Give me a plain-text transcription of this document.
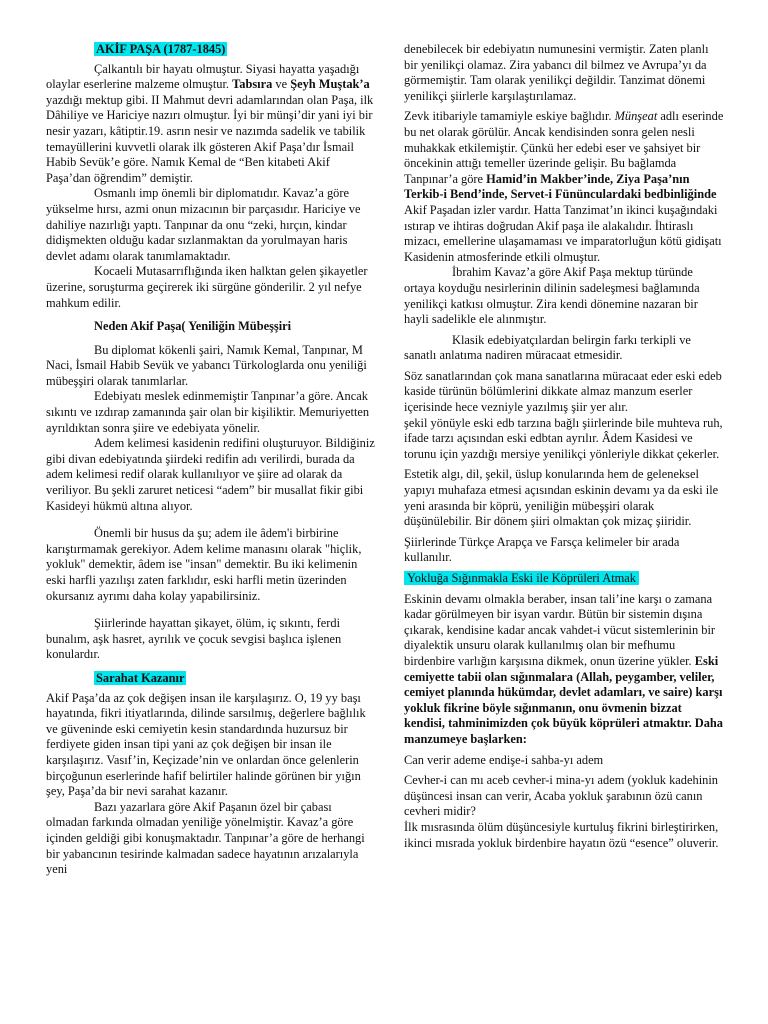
AKİF PAŞA (1787-1845)

Çalkantılı bir hayatı olmuştur. Siyasi hayatta yaşadığı olaylar eserlerine malzeme olmuştur. Tabsıra ve Şeyh Muştak’a yazdığı mektup gibi. II Mahmut devri adamlarından olan Paşa, ilk Dâhiliye ve Hariciye nazırı olmuştur. İyi bir münşi’dir yani iyi bir nesir yazarı, kâtiptir.19. asrın nesir ve nazımda sadelik ve tabilik temayüllerini kuvvetli olarak ilk gösteren Akif Paşa’dır İsmail Habib Sevük’e göre. Namık Kemal de “Ben kitabeti Akif Paşa’dan öğrendim” demiştir.

Osmanlı imp önemli bir diplomatıdır. Kavaz’a göre yükselme hırsı, azmi onun mizacının bir parçasıdır. Hariciye ve dahiliye nazırlığı yaptı. Tanpınar da onu “zeki, hırçın, kindar didişmekten olduğu kadar sızlanmaktan da yorulmayan haris devlet adamı olarak tanımlamaktadır.

Kocaeli Mutasarrıflığında iken halktan gelen şikayetler üzerine, soruşturma geçirerek iki sürgüne gönderilir. 2 yıl nefye mahkum edilir.

Neden Akif Paşa( Yeniliğin Mübeşşiri

Bu diplomat kökenli şairi, Namık Kemal, Tanpınar, M Naci, İsmail Habib Sevük ve yabancı Türkologlarda onu yeniliği mübeşşiri olarak tanımlarlar.

Edebiyatı meslek edinmemiştir Tanpınar’a göre. Ancak sıkıntı ve ızdırap zamanında şair olan bir kişiliktir. Memuriyetten ayrıldıktan sonra şiire ve edebiyata yönelir.

Adem kelimesi kasidenin redifini oluşturuyor. Bildiğiniz gibi divan edebiyatında şiirdeki redifin adı verilirdi, burada da adem kelimesi redif olarak kullanılıyor ve şiire ad olarak da veriliyor. Bu şekli zaruret neticesi “adem” bir musallat fikir gibi Kasideyi hükmü altına alıyor.

Önemli bir husus da şu; adem ile âdem'i birbirine karıştırmamak gerekiyor. Adem kelime manasını olarak "hiçlik, yokluk" demektir, âdem ise "insan" demektir. Bu iki kelimenin eski harfli yazılışı zaten farklıdır, eski harfli metin üzerinden okursanız ayrımı daha kolay yapabilirsiniz.

Şiirlerinde hayattan şikayet, ölüm, iç sıkıntı, ferdi bunalım, aşk hasret, ayrılık ve çocuk sevgisi başlıca işlenen konulardır.

Sarahat Kazanır

Akif Paşa’da az çok değişen insan ile karşılaşırız. O, 19 yy başı hayatında, fikri itiyatlarında, dilinde sarsılmış, değerlere bağlılık ve güveninde eski cemiyetin kesin standardında huzursuz bir ferdiyete giden insan tipi yani az çok değişen bir insan ile karşılaşırız. Vasıf’in, Keçizade’nin ve onlardan önce gelenlerin birçoğunun eserlerinde hafif belirtiler halinde görünen bir yığın şey, Paşa’da bir nevi sarahat kazanır.

Bazı yazarlara göre Akif Paşanın özel bir çabası olmadan farkında olmadan yeniliğe yönelmiştir. Kavaz’a göre içinden geldiği gibi konuşmaktadır. Tanpınar’a göre de herhangi bir yabancının tesirinde kalmadan sadece hayatının arızalarıyla yeni

denebilecek bir edebiyatın numunesini vermiştir. Zaten planlı bir yenilikçi olamaz. Zira yabancı dil bilmez ve Avrupa’yı da görmemiştir. Tam olarak yenilikçi değildir. Tanzimat dönemi yenilikçi şiirlerle karşılaştırılamaz.

Zevk itibariyle tamamiyle eskiye bağlıdır. Münşeat adlı eserinde bu net olarak görülür. Ancak kendisinden sonra gelen nesli muhakkak etkilemiştir. Çünkü her edebi eser ve şahsiyet bir öncekinin attığı temeller üzerinde gelişir. Bu bağlamda Tanpınar’a göre Hamid’in Makber’inde, Ziya Paşa’nın Terkib-i Bend’inde, Servet-i Fününculardaki bedbinliğinde Akif Paşadan izler vardır. Hatta Tanzimat’ın ikinci kuşağındaki ıstırap ve ihtiras doğrudan Akif paşa ile alakalıdır. İhtiraslı mizacı, emellerine ulaşamaması ve imparatorluğun kötü gidişatı Kasidenin atmosferinde etkili olmuştur.

İbrahim Kavaz’a göre Akif Paşa mektup türünde ortaya koyduğu nesirlerinin dilinin sadeleşmesi bağlamında yenilikçi katkısı olmuştur. Zira kendi dönemine nazaran bir hayli sadelikle ele alınmıştır.

Klasik edebiyatçılardan belirgin farkı terkipli ve sanatlı anlatıma nadiren müracaat etmesidir.

Söz sanatlarından çok mana sanatlarına müracaat eder eski edeb kaside türünün bölümlerini dikkate almaz manzum eserler içerisinde hece vezniyle yazılmış şiir yer alır.

şekil yönüyle eski edb tarzına bağlı şiirlerinde bile muhteva ruh, ifade tarzı açısından eski edbtan ayrılır. Âdem Kasidesi ve torunu için yazdığı mersiye yenilikçi yönleriyle dikkat çekerler.

Estetik algı, dil, şekil, üslup konularında hem de geleneksel yapıyı muhafaza etmesi açısından eskinin devamı ya da eski ile yeni arasında bir köprü, yeniliğin mübeşşiri olarak düşünülebilir. Bir dönem şiiri olmaktan çok mizaç şiiridir.

Şiirlerinde Türkçe Arapça ve Farsça kelimeler bir arada kullanılır.

Yokluğa Sığınmakla Eski ile Köprüleri Atmak

Eskinin devamı olmakla beraber, insan tali’ine karşı o zamana kadar görülmeyen bir isyan vardır. Bütün bir sistemin dışına çıkarak, kendisine kadar ancak vahdet-i vücut sistemlerinin bir diyalektik unsuru olarak kullanılmış olan bir mefhumu birdenbire varlığın karşısına dikmek, onun üzerine yükler. Eski cemiyette tabii olan sığınmalara (Allah, peygamber, veliler, cemiyet planında hükümdar, devlet adamları, ve saire) karşı yokluk fikrine böyle sığınmanın, onu övmenin bizzat kendisi, tahminimizden çok büyük köprüleri atmaktır. Daha manzumeye başlarken:

Can verir ademe endişe-i sahba-yı adem

Cevher-i can mı aceb cevher-i mina-yı adem (yokluk kadehinin düşüncesi insan can verir, Acaba yokluk şarabının özü canın cevheri midir?

İlk mısrasında ölüm düşüncesiyle kurtuluş fikrini birleştirirken, ikinci mısrada yokluk birdenbire hayatın özü “esence” oluverir.
